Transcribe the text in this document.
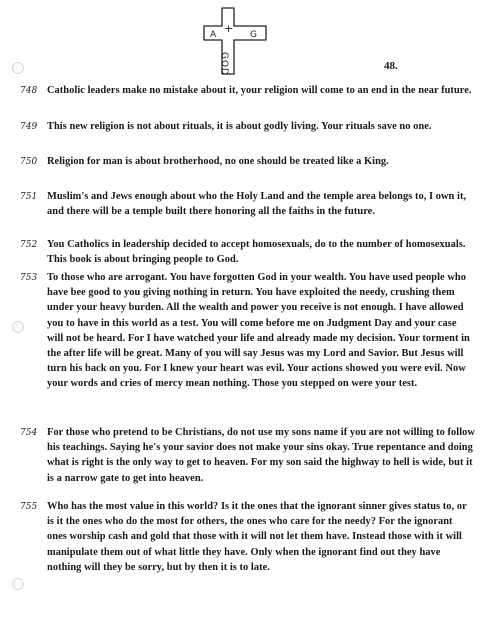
A	G
+
GOD	48.
748 Catholic leaders make no mistake about it, your religion will come to an end in the near future.
749 This new religion is not about rituals, it is about godly living. Your rituals save no one.
750 Religion for man is about brotherhood, no one should be treated like a King.
751 Muslim's and Jews enough about who the Holy Land and the temple area belongs to, I own it, and there will be a temple built there honoring all the faiths in the future.
752 You Catholics in leadership decided to accept homosexuals, do to the number of homosexuals. This book is about bringing people to God.
753 To those who are arrogant. You have forgotten God in your wealth. You have used people who have bee good to you giving nothing in return. You have exploited the needy, crushing them under your heavy burden. All the wealth and power you receive is not enough. I have allowed you to have in this world as a test. You will come before me on Judgment Day and your case will not be heard. For I have watched your life and already made my decision. Your torment in the after life will be great. Many of you will say Jesus was my Lord and Savior. But Jesus will turn his back on you. For I knew your heart was evil. Your actions showed you were evil. Now your words and cries of mercy mean nothing. Those you stepped on were your test.
754 For those who pretend to be Christians, do not use my sons name if you are not willing to follow his teachings. Saying he's your savior does not make your sins okay. True repentance and doing what is right is the only way to get to heaven. For my son said the highway to hell is wide, but it is a narrow gate to get into heaven.
755 Who has the most value in this world? Is it the ones that the ignorant sinner gives status to, or is it the ones who do the most for others, the ones who care for the needy? For the ignorant ones worship cash and gold that those with it will not let them have. Instead those with it will manipulate them out of what little they have. Only when the ignorant find out they have nothing will they be sorry, but by then it is to late.
